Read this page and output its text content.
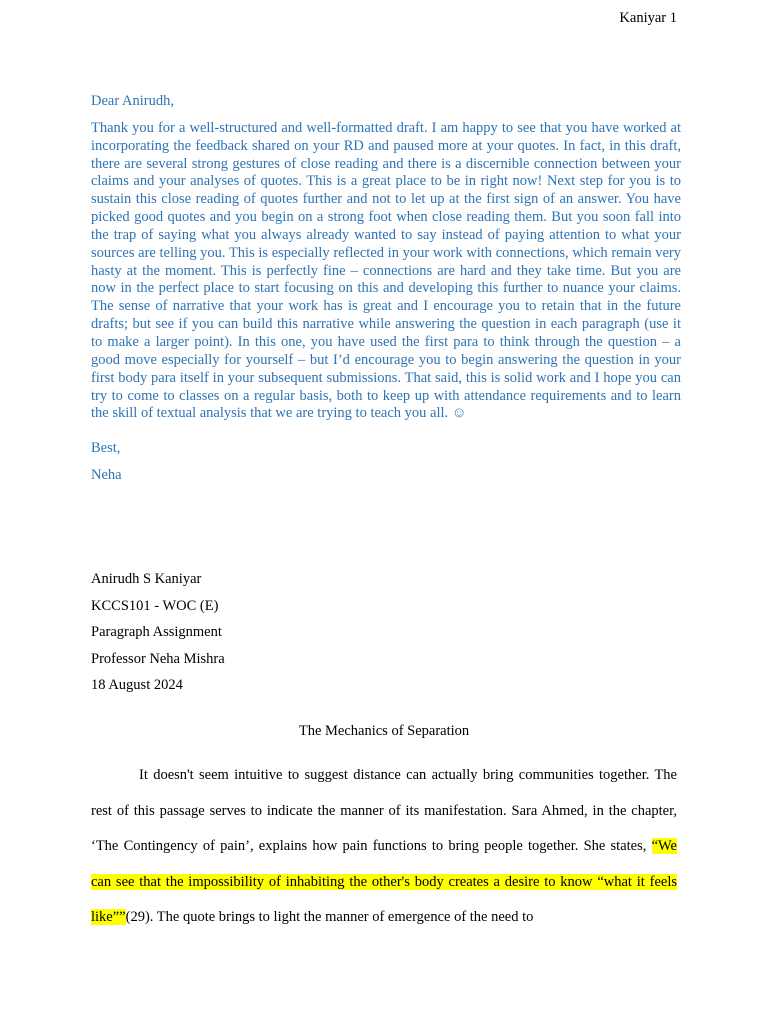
Kaniyar 1

Dear Anirudh,

Thank you for a well-structured and well-formatted draft. I am happy to see that you have worked at incorporating the feedback shared on your RD and paused more at your quotes. In fact, in this draft, there are several strong gestures of close reading and there is a discernible connection between your claims and your analyses of quotes. This is a great place to be in right now! Next step for you is to sustain this close reading of quotes further and not to let up at the first sign of an answer. You have picked good quotes and you begin on a strong foot when close reading them. But you soon fall into the trap of saying what you always already wanted to say instead of paying attention to what your sources are telling you. This is especially reflected in your work with connections, which remain very hasty at the moment. This is perfectly fine – connections are hard and they take time. But you are now in the perfect place to start focusing on this and developing this further to nuance your claims. The sense of narrative that your work has is great and I encourage you to retain that in the future drafts; but see if you can build this narrative while answering the question in each paragraph (use it to make a larger point). In this one, you have used the first para to think through the question – a good move especially for yourself – but I’d encourage you to begin answering the question in your first body para itself in your subsequent submissions. That said, this is solid work and I hope you can try to come to classes on a regular basis, both to keep up with attendance requirements and to learn the skill of textual analysis that we are trying to teach you all. ☺

Best,

Neha

Anirudh S Kaniyar
KCCS101 - WOC (E)
Paragraph Assignment
Professor Neha Mishra
18 August 2024
The Mechanics of Separation
It doesn't seem intuitive to suggest distance can actually bring communities together. The rest of this passage serves to indicate the manner of its manifestation. Sara Ahmed, in the chapter, ‘The Contingency of pain’, explains how pain functions to bring people together. She states, “We can see that the impossibility of inhabiting the other's body creates a desire to know “what it feels like””(29). The quote brings to light the manner of emergence of the need to
